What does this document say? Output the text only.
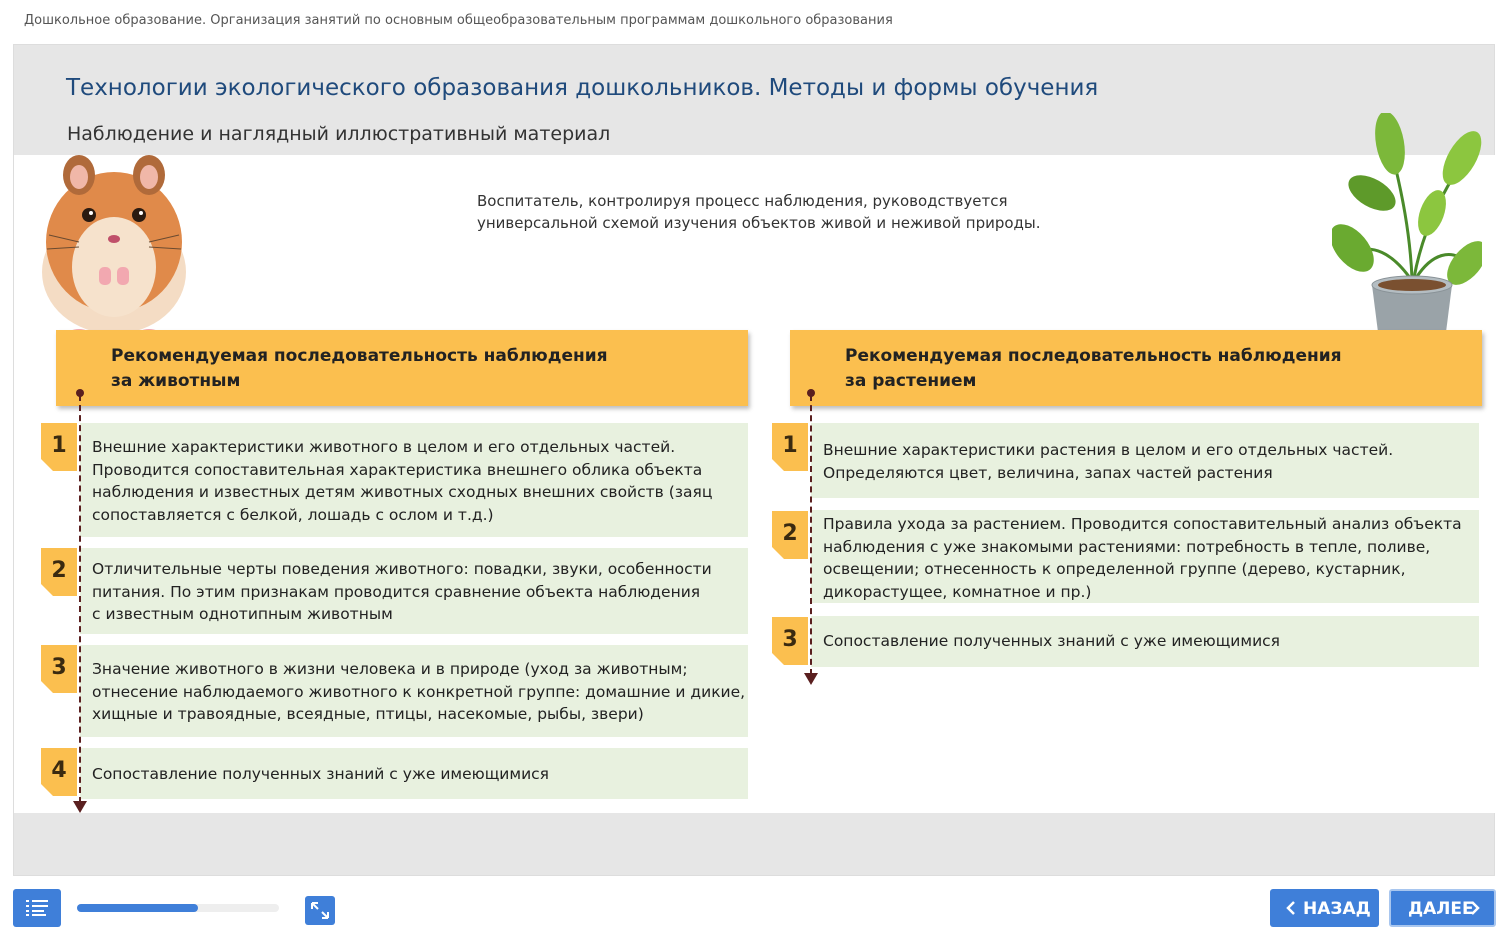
Дошкольное образование. Организация занятий по основным общеобразовательным программам дошкольного образования
Технологии экологического образования дошкольников. Методы и формы обучения
Наблюдение и наглядный иллюстративный материал
Воспитатель, контролируя процесс наблюдения, руководствуется
универсальной схемой изучения объектов живой и неживой природы.
Рекомендуемая последовательность наблюдения
за животным
Рекомендуемая последовательность наблюдения
за растением
Внешние характеристики животного в целом и его отдельных частей.
Проводится сопоставительная характеристика внешнего облика объекта
наблюдения и известных детям животных сходных внешних свойств (заяц
сопоставляется с белкой, лошадь с ослом и т.д.)
Отличительные черты поведения животного: повадки, звуки, особенности
питания. По этим признакам проводится сравнение объекта наблюдения
с известным однотипным животным
Значение животного в жизни человека и в природе (уход за животным;
отнесение наблюдаемого животного к конкретной группе: домашние и дикие,
хищные и травоядные, всеядные, птицы, насекомые, рыбы, звери)
Сопоставление полученных знаний с уже имеющимися
Внешние характеристики растения в целом и его отдельных частей.
Определяются цвет, величина, запах частей растения
Правила ухода за растением. Проводится сопоставительный анализ объекта
наблюдения с уже знакомыми растениями: потребность в тепле, поливе,
освещении; отнесенность к определенной группе (дерево, кустарник,
дикорастущее, комнатное и пр.)
Сопоставление полученных знаний с уже имеющимися
1
2
3
4
1
2
3
НАЗАД ДАЛЕЕ
